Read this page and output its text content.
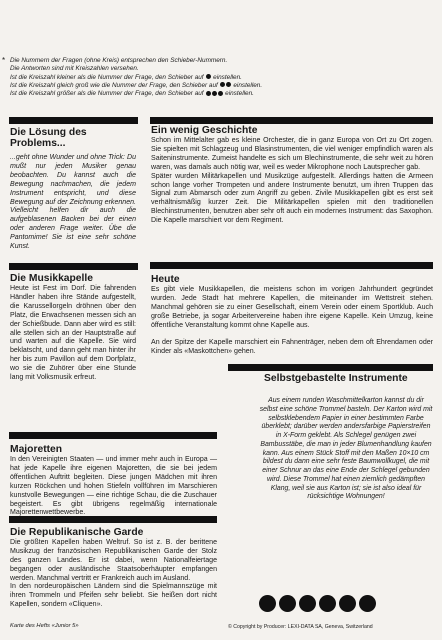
* Die Nummern der Fragen (ohne Kreis) entsprechen den Schieber-Nummern.
Die Antworten sind mit Kreiszahlen versehen.
Ist die Kreiszahl kleiner als die Nummer der Frage, den Schieber auf einstellen.
Ist die Kreiszahl gleich groß wie die Nummer der Frage, den Schieber auf einstellen.
Ist die Kreiszahl größer als die Nummer der Frage, den Schieber auf	einstellen.
Die Lösung des Problems...
...geht ohne Wunder und ohne Trick: Du mußt nur jeden Musiker genau beobachten. Du kannst auch die Bewegung nachmachen, die jedem Instrument entspricht, und diese Bewegung auf der Zeichnung erkennen. Vielleicht helfen dir auch die aufgeblasenen Backen bei der einen oder anderen Frage weiter. Übe die Pantomime! Sie ist eine sehr schöne Kunst.
Die Musikkapelle
Heute ist Fest im Dorf. Die fahrenden Händler haben ihre Stände aufgestellt, die Karussellorgeln dröhnen über den Platz, die Erwachsenen messen sich an der Schießbude. Dann aber wird es still: alle stellen sich an der Hauptstraße auf und warten auf die Kapelle. Sie wird beklatscht, und dann geht man hinter ihr her bis zum Pavillon auf dem Dorfplatz, wo sie die Zuhörer über eine Stunde lang mit Volksmusik erfreut.
Majoretten
In den Vereinigten Staaten — und immer mehr auch in Europa — hat jede Kapelle ihre eigenen Majoretten, die sie bei jedem öffentlichen Auftritt begleiten. Diese jungen Mädchen mit ihren kurzen Röckchen und hohen Stiefeln vollführen im Marschieren kunstvolle Bewegungen — eine richtige Schau, die die Zuschauer begeistert. Es gibt übrigens regelmäßig internationale Majorettenwettbewerbe.
Die Republikanische Garde
Die größten Kapellen haben Weltruf. So ist z. B. der berittene Musikzug der französischen Republikanischen Garde der Stolz des ganzen Landes. Er ist dabei, wenn Nationalfeiertage begangen oder ausländische Staatsoberhäupter empfangen werden. Manchmal vertritt er Frankreich auch im Ausland.
In den nordeuropäischen Ländern sind die Spielmannszüge mit ihren Trommeln und Pfeifen sehr beliebt. Sie heißen dort nicht Kapellen, sondern «Cliquen».
Ein wenig Geschichte
Schon im Mittelalter gab es kleine Orchester, die in ganz Europa von Ort zu Ort zogen. Sie spielten mit Schlagzeug und Blasinstrumenten, die viel weniger empfindlich waren als Saiteninstrumente. Zumeist handelte es sich um Blechinstrumente, die sehr weit zu hören waren, was damals auch nötig war, weil es weder Mikrophone noch Lautsprecher gab.
Später wurden Militärkapellen und Musikzüge aufgestellt. Allerdings hatten die Armeen schon lange vorher Trompeten und andere Instrumente benutzt, um ihren Truppen das Signal zum Abmarsch oder zum Angriff zu geben. Zivile Musikkapellen gibt es erst seit verhältnismäßig kurzer Zeit. Die Militärkapellen spielen mit den traditionellen Blechinstrumenten, benutzen aber sehr oft auch ein modernes Instrument: das Saxophon. Die Kapelle marschiert vor dem Regiment.
Heute
Es gibt viele Musikkapellen, die meistens schon im vorigen Jahrhundert gegründet wurden. Jede Stadt hat mehrere Kapellen, die miteinander im Wettstreit stehen. Manchmal gehören sie zu einer Gesellschaft, einem Verein oder einem Sportklub. Auch große Betriebe, ja sogar Arbeitervereine haben ihre eigene Kapelle. Kein Umzug, keine öffentliche Veranstaltung kommt ohne Kapelle aus.
An der Spitze der Kapelle marschiert ein Fahnenträger, neben dem oft Ehrendamen oder Kinder als «Maskottchen» gehen.
Selbstgebastelte Instrumente
Aus einem runden Waschmittelkarton kannst du dir selbst eine schöne Trommel basteln. Der Karton wird mit selbstklebendem Papier in einer bestimmten Farbe überklebt; darüber werden andersfarbige Papierstreifen in X-Form geklebt. Als Schlegel genügen zwei Bambusstäbe, die man in jeder Blumenhandlung kaufen kann. Aus einem Stück Stoff mit den Maßen 10×10 cm bildest du dann eine sehr feste Baumwollkugel, die mit einer Schnur an das eine Ende der Schlegel gebunden wird. Diese Trommel hat einen ziemlich gedämpften Klang, weil sie aus Karton ist; sie ist also ideal für rücksichtige Wohnungen!
Karte des Hefts «Junior 5»	© Copyright by Producer: LEXI-DATA SA, Geneva, Switzerland
